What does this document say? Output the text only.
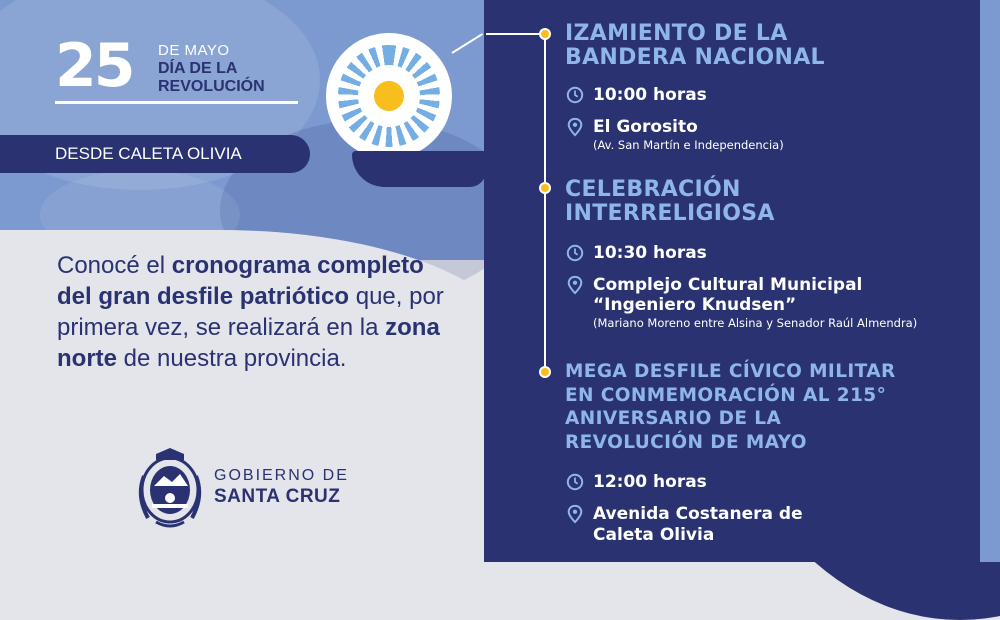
25 DE MAYO
DÍA DE LA
REVOLUCIÓN
DESDE CALETA OLIVIA

Conocé el cronograma completo del gran desfile patriótico que, por primera vez, se realizará en la zona norte de nuestra provincia.

GOBIERNO DE
SANTA CRUZ
IZAMIENTO DE LA
BANDERA NACIONAL
10:00 horas
El Gorosito
(Av. San Martín e Independencia)
CELEBRACIÓN
INTERRELIGIOSA
10:30 horas
Complejo Cultural Municipal
“Ingeniero Knudsen”
(Mariano Moreno entre Alsina y Senador Raúl Almendra)
MEGA DESFILE CÍVICO MILITAR
EN CONMEMORACIÓN AL 215°
ANIVERSARIO DE LA
REVOLUCIÓN DE MAYO
12:00 horas
Avenida Costanera de
Caleta Olivia
